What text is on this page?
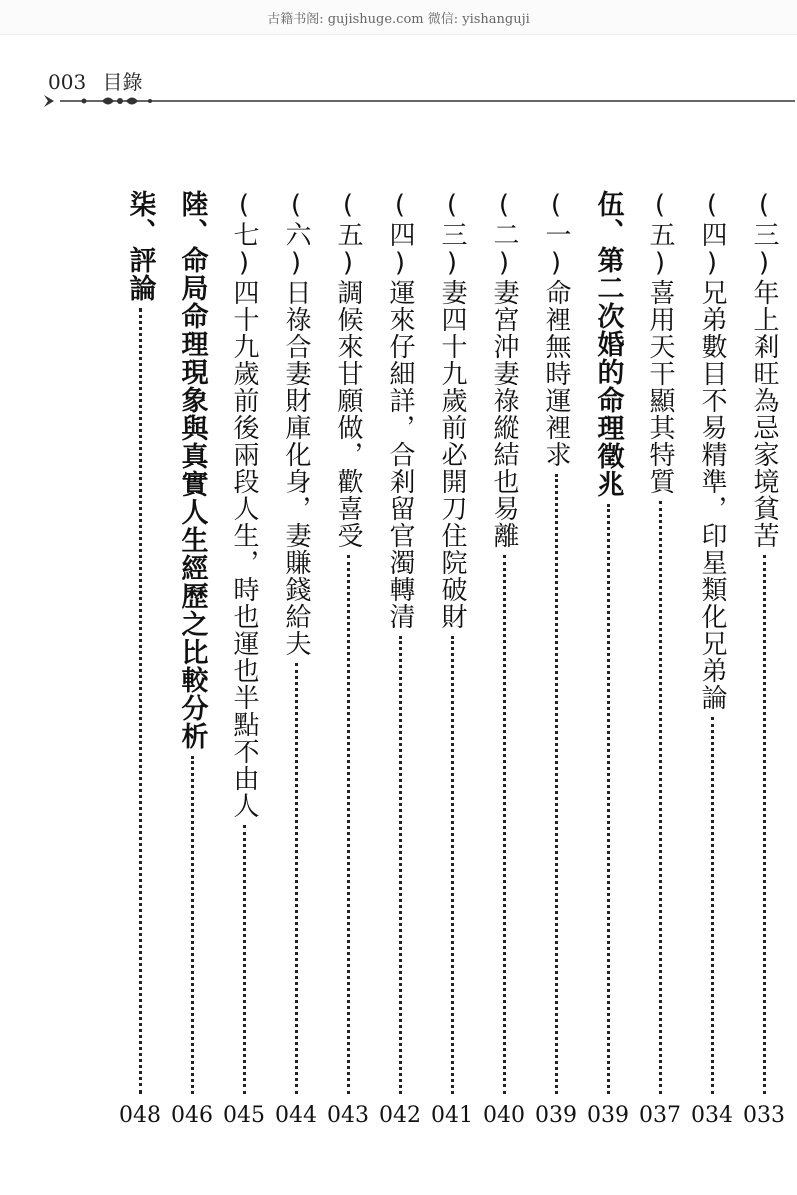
古籍书阁: gujishuge.com 微信: yishanguji
003 目錄
(三)年上剎旺為忌家境貧苦
033
(四)兄弟數目不易精準，印星類化兄弟論
034
(五)喜用天干顯其特質
037
伍、第二次婚的命理徵兆
039
(一)命裡無時運裡求
039
(二)妻宮沖妻祿縱結也易離
040
(三)妻四十九歲前必開刀住院破財
041
(四)運來仔細詳，合剎留官濁轉清
042
(五)調候來甘願做，歡喜受
043
(六)日祿合妻財庫化身，妻賺錢給夫
044
(七)四十九歲前後兩段人生，時也運也半點不由人
045
陸、命局命理現象與真實人生經歷之比較分析
046
柒、評論
048
